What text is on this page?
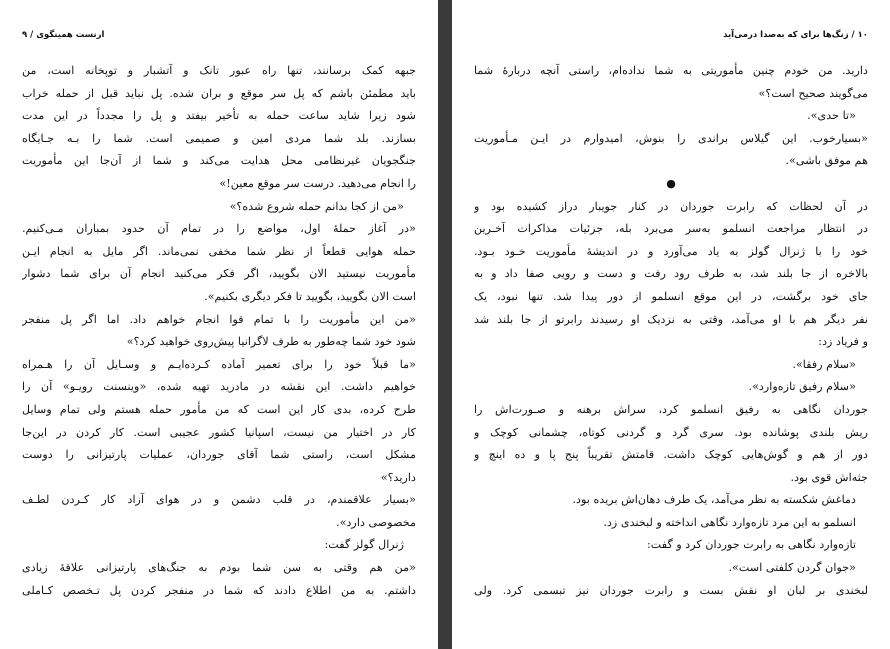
ارنست همینگوی / ۹
جبهه کمک برسانند، تنها راه عبور تانک و آتشبار و توپخانه است، من
باید مطمئن باشم که پل سر موقع و بران شده. پل نباید قبل از حمله خراب
شود زیرا شاید ساعت حمله به تأخیر بیفتد و پل را مجدداً در این مدت
بسازند. بلد شما مردی امین و صمیمی است. شما را بـه جـایگاه
جنگجویان غیرنظامی محل هدایت می‌کند و شما از آن‌جا این مأموریت
را انجام می‌دهید. درست سر موقع معین!»
«من از کجا بدانم حمله شروع شده؟»
«در آغاز حملهٔ اول، مواضع را در تمام آن حدود بمباران مـی‌کنیم.
حمله هوایی قطعاً از نظر شما مخفی نمی‌ماند. اگر مایل به انجام ایـن
مأموریت نیستید الان بگویید، اگر فکر می‌کنید انجام آن برای شما دشوار
است الان بگویید، بگویید تا فکر دیگری بکنیم».
«من این مأموریت را با تمام قوا انجام خواهم داد. اما اگر پل منفجر
شود خود شما چه‌طور به طرف لاگرانیا پیش‌روی خواهید کرد؟»
«ما قبلاً خود را برای تعمیر آماده کـرده‌ایـم و وسـایل آن را هـمراه
خواهیم داشت. این نقشه در مادرید تهیه شده، «وینسنت رویـو» آن را
طرح کرده، بدی کار این است که من مأمور حمله هستم ولی تمام وسایل
کار در اختیار من نیست، اسپانیا کشور عجیبی است. کار کردن در این‌جا
مشکل است، راستی شما آقای جوردان، عملیات پارتیزانی را دوست
دارید؟»
«بسیار علاقمندم، در قلب دشمن و در هوای آزاد کار کـردن لطـف
مخصوصی دارد».
ژنرال گولز گفت:
«من هم وقتی به سن شما بودم به جنگ‌های پارتیزانی علاقهٔ زیادی
داشتم. به من اطلاع دادند که شما در منفجر کردن پل تـخصص کـاملی
۱۰ / زنگ‌ها برای که به‌صدا درمی‌آید
دارید. من خودم چنین مأموریتی به شما نداده‌ام، راستی آنچه دربارهٔ شما
می‌گویند صحیح است؟»
«تا حدی».
«بسیارخوب. این گیلاس براندی را بنوش، امیدوارم در ایـن مـأموریت
هم موفق باشی».
●
در آن لحظات که رابرت جوردان در کنار جویبار دراز کشیده بود و
در انتظار مراجعت انسلمو به‌سر می‌برد بله، جزئیات مذاکرات آخـرین
خود را با ژنرال گولز به یاد می‌آورد و در اندیشهٔ مأموریت خـود بـود.
بالاخره از جا بلند شد، به طرف رود رفت و دست و رویی صفا داد و به
جای خود برگشت، در این موقع انسلمو از دور پیدا شد. تنها نبود، یک
نفر دیگر هم با او می‌آمد، وقتی به نزدیک او رسیدند رابرتو از جا بلند شد
و فریاد زد:
«سلام رفقا».
«سلام رفیق تازه‌وارد».
جوردان نگاهی به رفیق انسلمو کرد، سراش برهنه و صـورت‌اش را
ریش بلندی پوشانده بود. سری گرد و گردنی کوتاه، چشمانی کوچک و
دور از هم و گوش‌هایی کوچک داشت. قامتش تقریباً پنج پا و ده اینچ و
جثه‌اش قوی بود.
دماغش شکسته به نظر می‌آمد، یک طرف دهان‌اش بریده بود.
انسلمو به این مرد تازه‌وارد نگاهی انداخته و لبخندی زد.
تازه‌وارد نگاهی به رابرت جوردان کرد و گفت:
«جوان گردن کلفتی است».
لبخندی بر لبان او نقش بست و رابرت جوردان نیز تبسمی کرد. ولی
